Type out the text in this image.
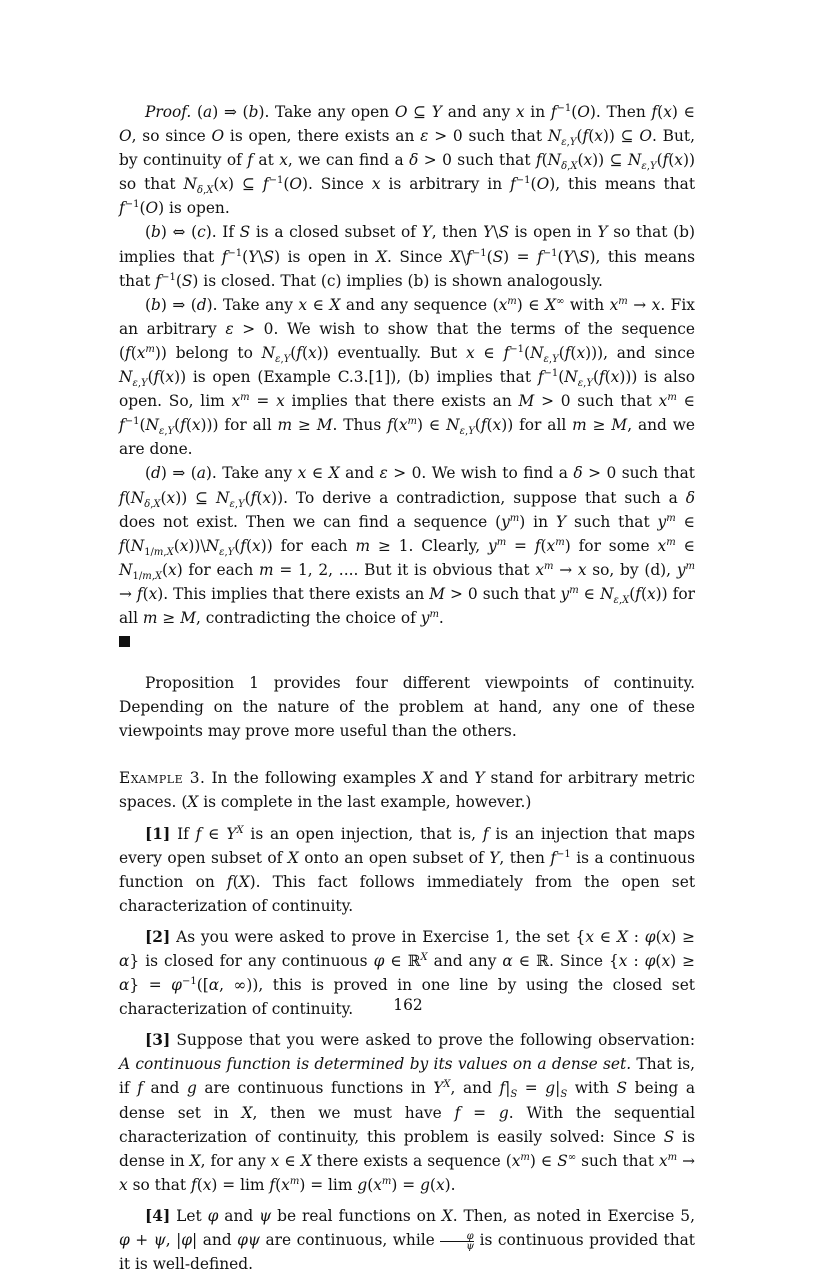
Proof. (a) ⇒ (b). Take any open O ⊆ Y and any x in $f^{-1}(O)$. Then f(x) ∈ O, so since O is open, there exists an ε > 0 such that $N_{\varepsilon,Y}(f(x))$ ⊆ O. But, by continuity of f at x, we can find a δ > 0 such that $f(N_{\delta,X}(x))$ ⊆ $N_{\varepsilon,Y}(f(x))$ so that $N_{\delta,X}(x)$ ⊆ $f^{-1}(O)$. Since x is arbitrary in $f^{-1}(O)$, this means that $f^{-1}(O)$ is open.

(b) ⇔ (c). If S is a closed subset of Y, then Y\S is open in Y so that (b) implies that $f^{-1}(Y\backslash S)$ is open in X. Since $X\backslash f^{-1}(S)$ = $f^{-1}(Y\backslash S)$, this means that $f^{-1}(S)$ is closed. That (c) implies (b) is shown analogously.

(b) ⇒ (d). Take any x ∈ X and any sequence $(x^m)$ ∈ X∞ with $x^m \to x$. Fix an arbitrary ε > 0. We wish to show that the terms of the sequence $(f(x^m))$ belong to $N_{\varepsilon,Y}(f(x))$ eventually. But x ∈ $f^{-1}(N_{\varepsilon,Y}(f(x)))$, and since $N_{\varepsilon,Y}(f(x))$ is open (Example C.3.[1]), (b) implies that $f^{-1}(N_{\varepsilon,Y}(f(x)))$ is also open. So, $\lim x^m = x$ implies that there exists an M > 0 such that $x^m$ ∈ $f^{-1}(N_{\varepsilon,Y}(f(x)))$ for all m ≥ M. Thus $f(x^m)$ ∈ $N_{\varepsilon,Y}(f(x))$ for all m ≥ M, and we are done.

(d) ⇒ (a). Take any x ∈ X and ε > 0. We wish to find a δ > 0 such that $f(N_{\delta,X}(x))$ ⊆ $N_{\varepsilon,Y}(f(x))$. To derive a contradiction, suppose that such a δ does not exist. Then we can find a sequence $(y^m)$ in Y such that $y^m$ ∈ $f(N_{1/m,X}(x))\backslash N_{\varepsilon,Y}(f(x))$ for each m ≥ 1. Clearly, $y^m = f(x^m)$ for some $x^m$ ∈ $N_{1/m,X}(x)$ for each m = 1, 2, .... But it is obvious that $x^m \to x$ so, by (d), $y^m \to f(x)$. This implies that there exists an M > 0 such that $y^m$ ∈ $N_{\varepsilon,X}(f(x))$ for all m ≥ M, contradicting the choice of $y^m$.

Proposition 1 provides four different viewpoints of continuity. Depending on the nature of the problem at hand, any one of these viewpoints may prove more useful than the others.

Example 3. In the following examples X and Y stand for arbitrary metric spaces. (X is complete in the last example, however.)

[1] If f ∈ $Y^X$ is an open injection, that is, f is an injection that maps every open subset of X onto an open subset of Y, then $f^{-1}$ is a continuous function on f(X). This fact follows immediately from the open set characterization of continuity.

[2] As you were asked to prove in Exercise 1, the set {x ∈ X : φ(x) ≥ α} is closed for any continuous φ ∈ ℝ$^X$ and any α ∈ ℝ. Since {x : $\varphi(x) \ge \alpha\} = \varphi^{-1}([\alpha$, ∞)), this is proved in one line by using the closed set characterization of continuity.

[3] Suppose that you were asked to prove the following observation: A continuous function is determined by its values on a dense set. That is, if f and g are continuous functions in $Y^X$, and $f|_S = g|_S$ with S being a dense set in X, then we must have f = g. With the sequential characterization of continuity, this problem is easily solved: Since S is dense in X, for any x ∈ X there exists a sequence $(x^m)$ ∈ S∞ such that $x^m \to x$ so that $f(x) = \lim f(x^m) = \lim g(x^m) = g(x)$.

[4] Let φ and ψ be real functions on X. Then, as noted in Exercise 5, φ + ψ, |φ| and φψ are continuous, while $\frac{\varphi}{\psi}$ is continuous provided that it is well-defined.

162
